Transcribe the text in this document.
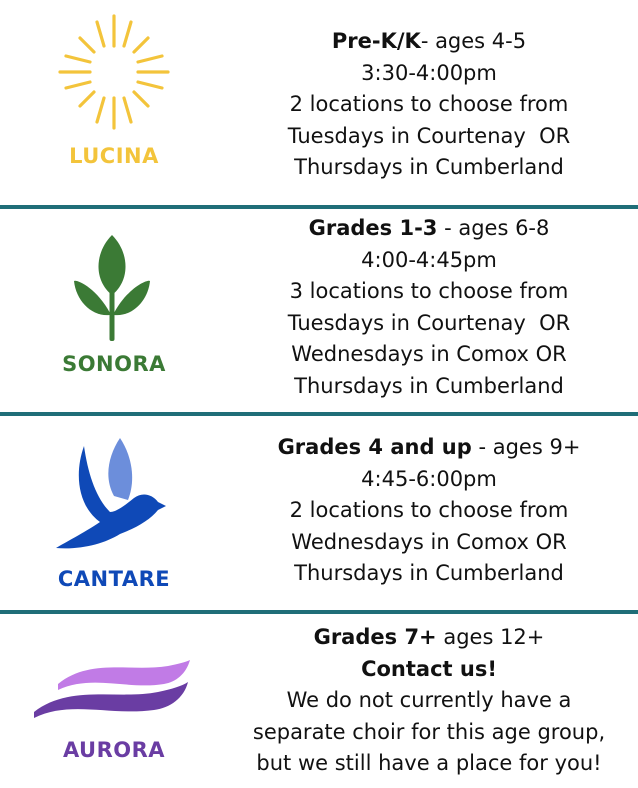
LUCINA
Pre-K/K- ages 4-5
3:30-4:00pm
2 locations to choose from
Tuesdays in Courtenay  OR
Thursdays in Cumberland
SONORA
Grades 1-3 - ages 6-8
4:00-4:45pm
3 locations to choose from
Tuesdays in Courtenay  OR
Wednesdays in Comox OR
Thursdays in Cumberland
CANTARE
Grades 4 and up - ages 9+
4:45-6:00pm
2 locations to choose from
Wednesdays in Comox OR
Thursdays in Cumberland
AURORA
Grades 7+ ages 12+
Contact us!
We do not currently have a
separate choir for this age group,
but we still have a place for you!
